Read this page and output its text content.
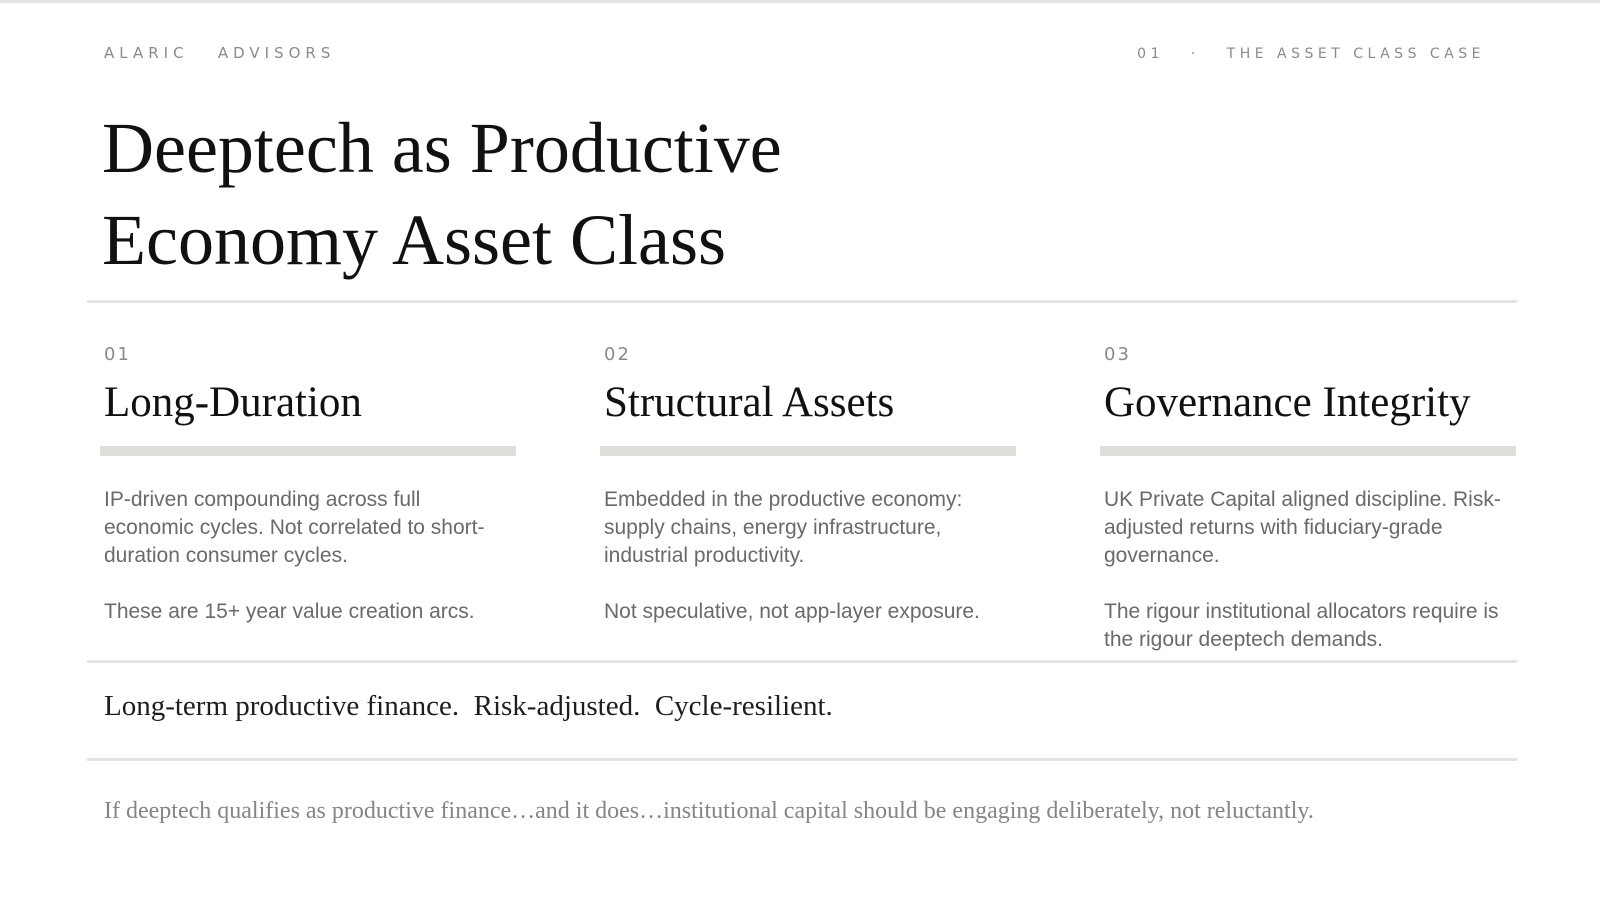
ALARIC   ADVISORS	01   ·   THE ASSET CLASS CASE
Deeptech as Productive
Economy Asset Class
01
Long-Duration

IP-driven compounding across full economic cycles. Not correlated to short-duration consumer cycles.

These are 15+ year value creation arcs.

02
Structural Assets

Embedded in the productive economy: supply chains, energy infrastructure, industrial productivity.

Not speculative, not app-layer exposure.

03
Governance Integrity

UK Private Capital aligned discipline. Risk-adjusted returns with fiduciary-grade governance.

The rigour institutional allocators require is the rigour deeptech demands.

Long-term productive finance.  Risk-adjusted.  Cycle-resilient.
If deeptech qualifies as productive finance…and it does…institutional capital should be engaging deliberately, not reluctantly.
